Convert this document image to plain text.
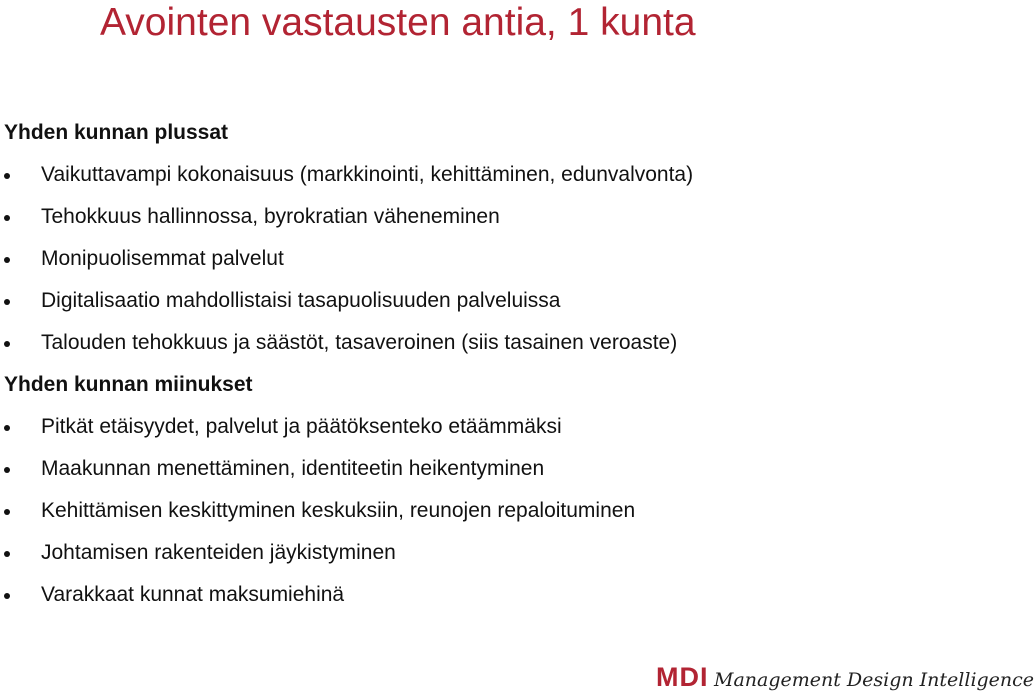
Avointen vastausten antia, 1 kunta
Yhden kunnan plussat
Vaikuttavampi kokonaisuus (markkinointi, kehittäminen, edunvalvonta)
Tehokkuus hallinnossa, byrokratian väheneminen
Monipuolisemmat palvelut
Digitalisaatio mahdollistaisi tasapuolisuuden palveluissa
Talouden tehokkuus ja säästöt, tasaveroinen (siis tasainen veroaste)
Yhden kunnan miinukset
Pitkät etäisyydet, palvelut ja päätöksenteko etäämmäksi
Maakunnan menettäminen, identiteetin heikentyminen
Kehittämisen keskittyminen keskuksiin, reunojen repaloituminen
Johtamisen rakenteiden jäykistyminen
Varakkaat kunnat maksumiehinä
MDI Management Design Intelligence
